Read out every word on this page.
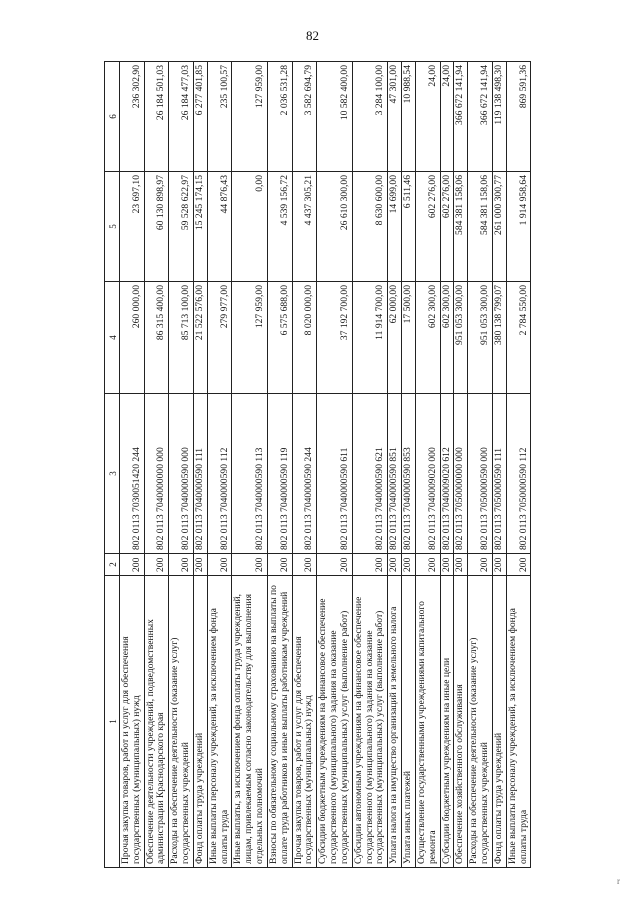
82
1	2	3	4	5	6
Прочая закупка товаров, работ и услуг для обеспечения государственных (муниципальных) нужд	200	802 0113 7030051420 244	260 000,00	23 697,10	236 302,90
Обеспечение деятельности учреждений, подведомственных администрации Краснодарского края	200	802 0113 7040000000 000	86 315 400,00	60 130 898,97	26 184 501,03
Расходы на обеспечение деятельности (оказание услуг) государственных учреждений	200	802 0113 7040000590 000	85 713 100,00	59 528 622,97	26 184 477,03
Фонд оплаты труда учреждений	200	802 0113 7040000590 111	21 522 576,00	15 245 174,15	6 277 401,85
Иные выплаты персоналу учреждений, за исключением фонда оплаты труда	200	802 0113 7040000590 112	279 977,00	44 876,43	235 100,57
Иные выплаты, за исключением фонда оплаты труда учреждений, лицам, привлекаемым согласно законодательству для выполнения отдельных полномочий	200	802 0113 7040000590 113	127 959,00	0,00	127 959,00
Взносы по обязательному социальному страхованию на выплаты по оплате труда работников и иные выплаты работникам учреждений	200	802 0113 7040000590 119	6 575 688,00	4 539 156,72	2 036 531,28
Прочая закупка товаров, работ и услуг для обеспечения государственных (муниципальных) нужд	200	802 0113 7040000590 244	8 020 000,00	4 437 305,21	3 582 694,79
Субсидии бюджетным учреждениям на финансовое обеспечение государственного (муниципального) задания на оказание государственных (муниципальных) услуг (выполнение работ)	200	802 0113 7040000590 611	37 192 700,00	26 610 300,00	10 582 400,00
Субсидии автономным учреждениям на финансовое обеспечение государственного (муниципального) задания на оказание государственных (муниципальных) услуг (выполнение работ)	200	802 0113 7040000590 621	11 914 700,00	8 630 600,00	3 284 100,00
Уплата налога на имущество организаций и земельного налога	200	802 0113 7040000590 851	62 000,00	14 699,00	47 301,00
Уплата иных платежей	200	802 0113 7040000590 853	17 500,00	6 511,46	10 988,54
Осуществление государственными учреждениями капитального ремонта	200	802 0113 7040009020 000	602 300,00	602 276,00	24,00
Субсидии бюджетным учреждениям на иные цели	200	802 0113 7040009020 612	602 300,00	602 276,00	24,00
Обеспечение хозяйственного обслуживания	200	802 0113 7050000000 000	951 053 300,00	584 381 158,06	366 672 141,94
Расходы на обеспечение деятельности (оказание услуг) государственных учреждений	200	802 0113 7050000590 000	951 053 300,00	584 381 158,06	366 672 141,94
Фонд оплаты труда учреждений	200	802 0113 7050000590 111	380 138 799,07	261 000 300,77	119 138 498,30
Иные выплаты персоналу учреждений, за исключением фонда оплаты труда	200	802 0113 7050000590 112	2 784 550,00	1 914 958,64	869 591,36
r
